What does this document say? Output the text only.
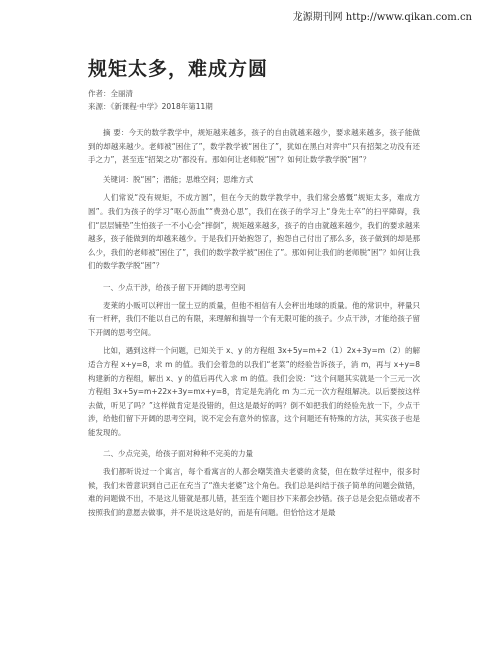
龙源期刊网 http://www.qikan.com.cn
规矩太多，难成方圆
作者：全丽清
来源：《新课程·中学》2018年第11期

摘 要：今天的数学教学中，规矩越来越多，孩子的自由就越来越少，要求越来越多，孩子能做到的却越来越少。老师被“困住了”，数学教学被“困住了”，犹如在黑白对弈中“只有招架之功没有还手之力”，甚至连“招架之功”都没有。那如何让老师脱“困”？如何让数学教学脱“困”？

关键词：脱“困”；潜能；思维空间；思维方式

人们常说“没有规矩，不成方圆”，但在今天的数学教学中，我们常会感慨“规矩太多，难成方圆”。我们为孩子的学习“呕心沥血”“费劲心思”，我们在孩子的学习上“身先士卒”的扫平障碍，我们“层层铺垫”生怕孩子一不小心会“摔倒”，规矩越来越多，孩子的自由就越来越少，我们的要求越来越多，孩子能做到的却越来越少。于是我们开始抱怨了，抱怨自己付出了那么多，孩子做到的却是那么少，我们的老师被“困住了”，我们的数学教学被“困住了”。那如何让我们的老师脱“困”？如何让我们的数学教学脱“困”？

一、少点干涉，给孩子留下开阔的思考空间

麦莱的小贩可以秤出一筐土豆的质量，但他不相信有人会秤出地球的质量。他的常识中，秤量只有一杆秤，我们不能以自己的有限，来理解和揣导一个有无限可能的孩子。少点干涉，才能给孩子留下开阔的思考空间。

比如，遇到这样一个问题，已知关于 x、y 的方程组 3x+5y=m+2（1）2x+3y=m（2）的解适合方程 x+y=8，求 m 的值。我们会着急的以我们“老菜”的经验告诉孩子，消 m，再与 x+y=8 构建新的方程组，解出 x、y 的值后再代入求 m 的值。我们会说：“这个问题其实就是一个三元一次方程组 3x+5y=m+22x+3y=mx+y=8，肯定是先消化 m 为二元一次方程组解决。以后要按这样去做，听见了吗？”这样做肯定是没错的，但这是最好的吗？倒不如把我们的经验先放一下，少点干涉，给他们留下开阔的思考空间，说不定会有意外的惊喜，这个问题还有特殊的方法，其实孩子也是能发现的。

二、少点完美，给孩子面对种种不完美的力量

我们都听说过一个寓言，每个看寓言的人都会嘲笑渔夫老婆的贪婪，但在数学过程中，很多时候，我们未曾意识到自己正在充当了“渔夫老婆”这个角色。我们总是纠结于孩子简单的问题会做错，难的问题做不出，不是这儿错就是那儿错，甚至连个题目抄下来都会抄错。孩子总是会犯点错或者不按照我们的意愿去做事，并不是说这是好的，而是有问题。但恰恰这才是最
